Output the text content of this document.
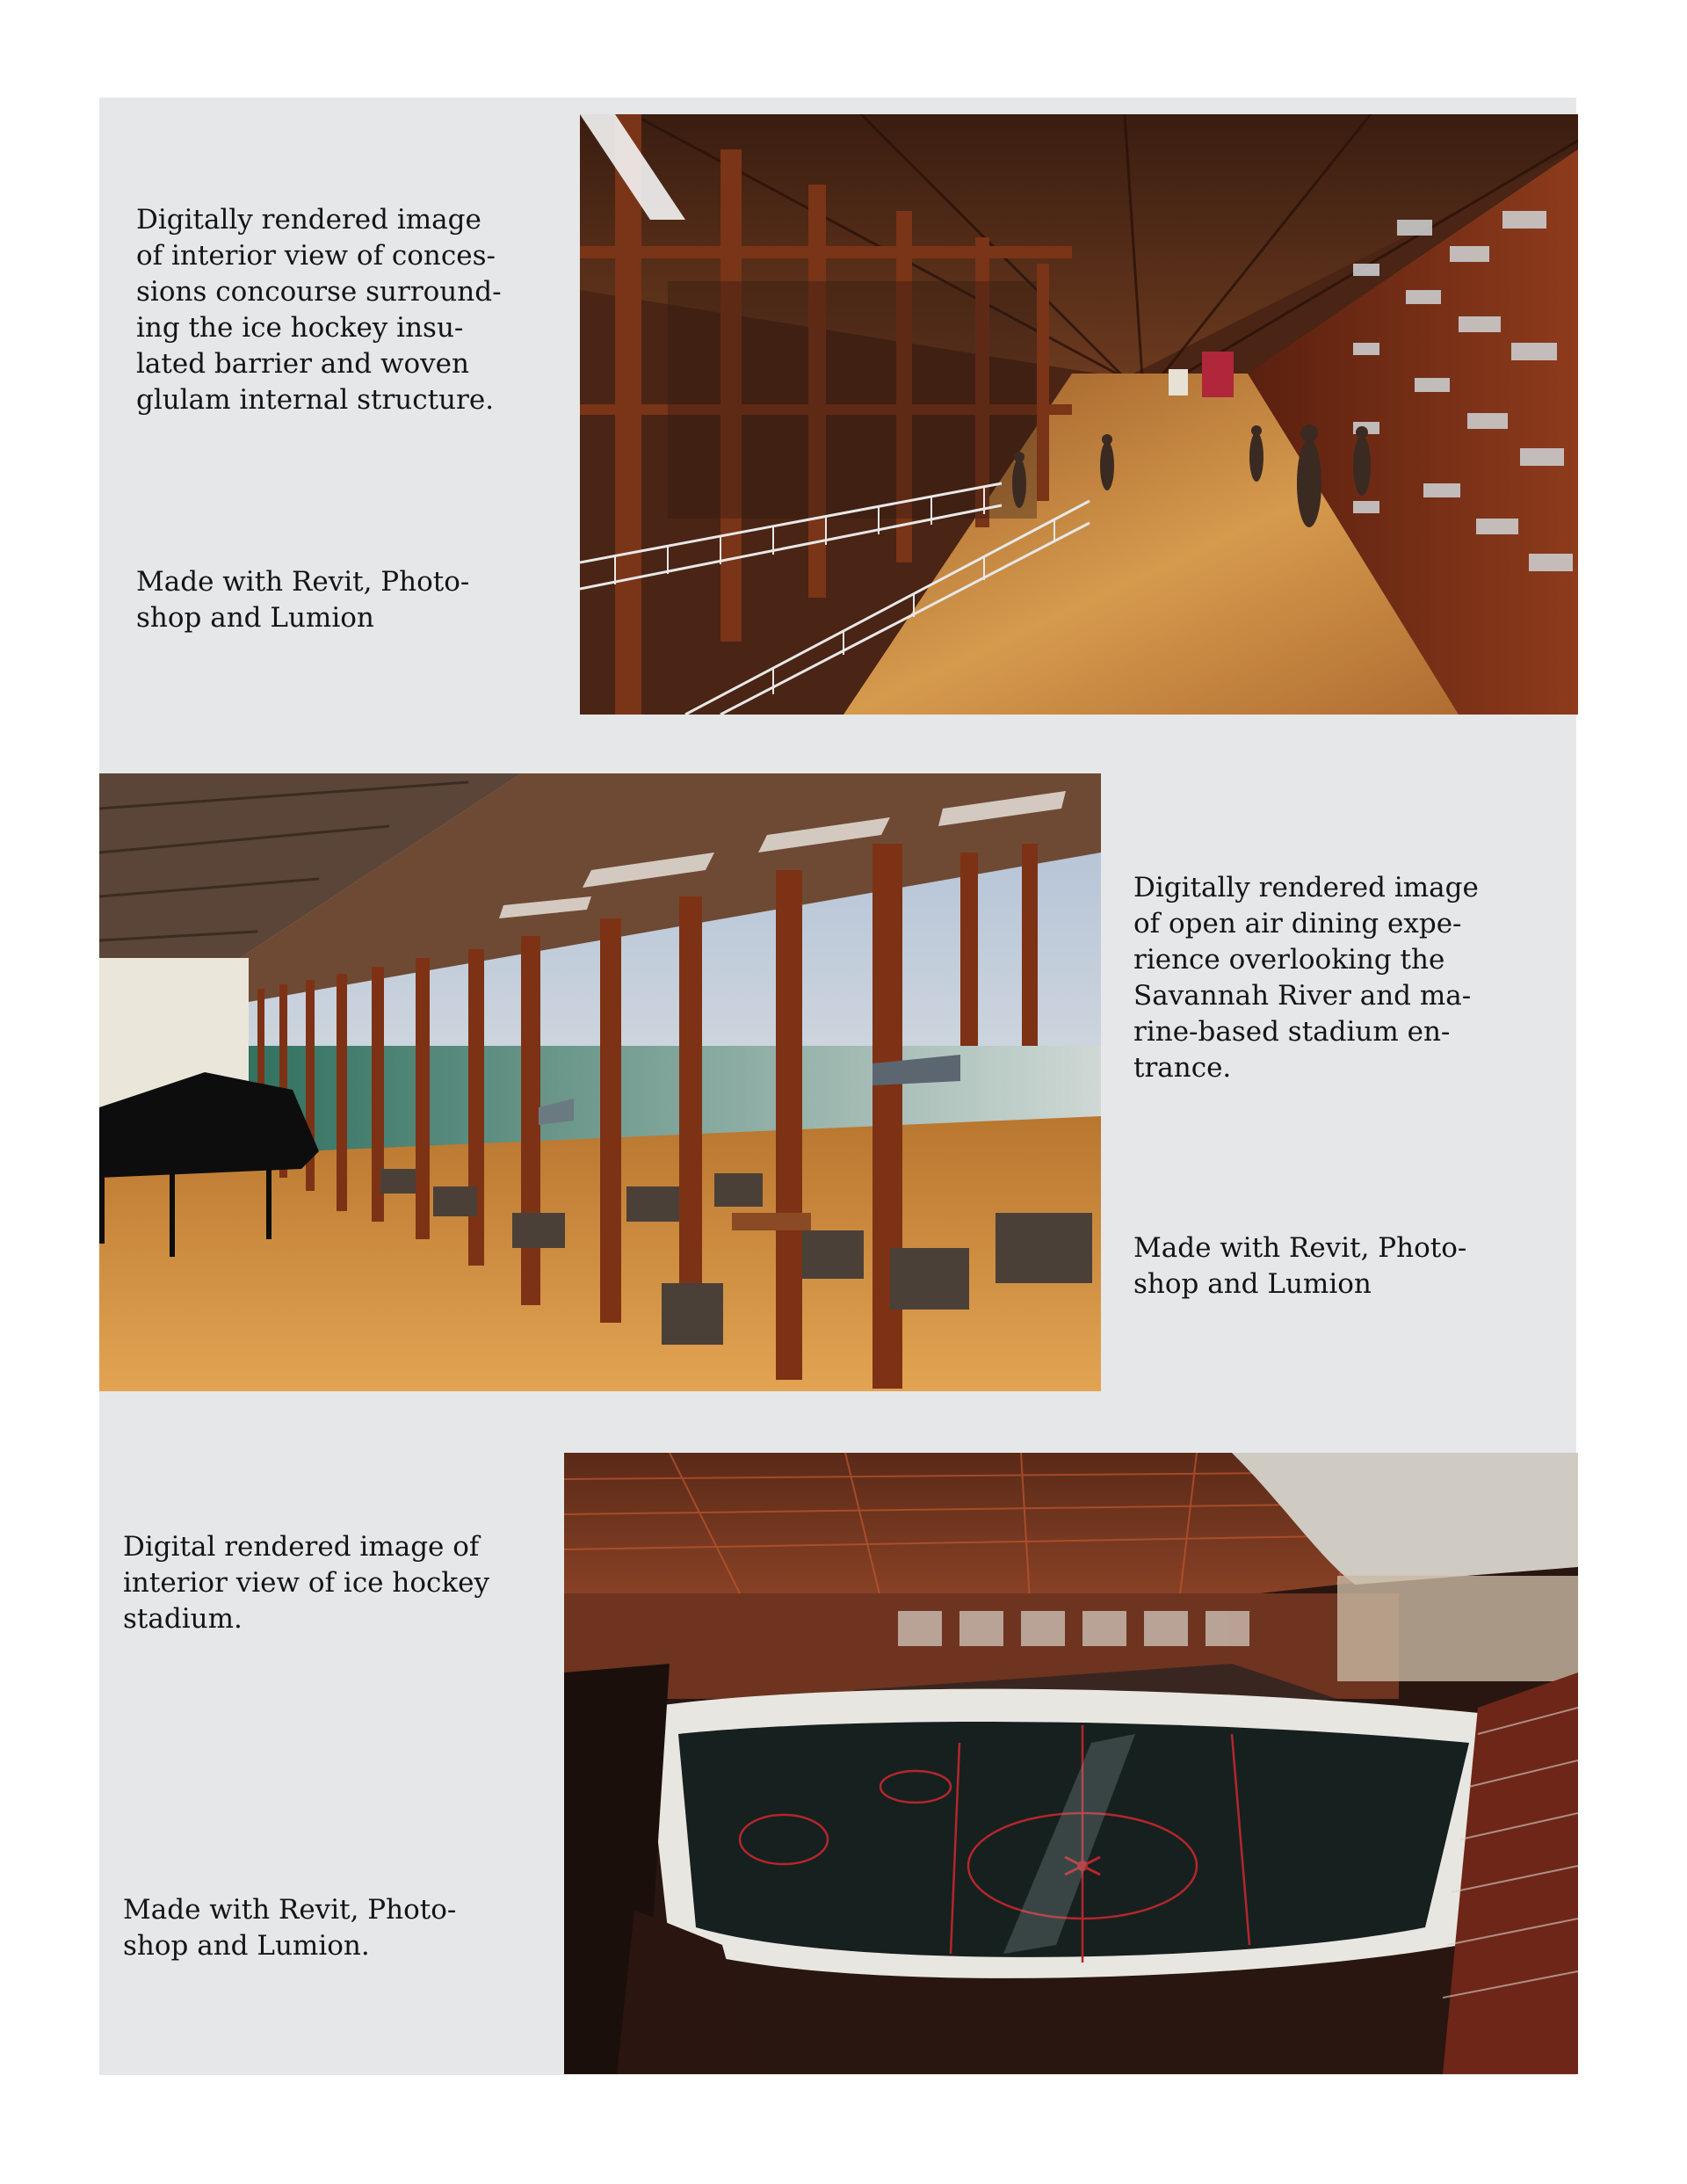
Digitally rendered image
of interior view of conces-
sions concourse surround-
ing the ice hockey insu-
lated barrier and woven
glulam internal structure.

Made with Revit, Photo-
shop and Lumion

Digitally rendered image
of open air dining expe-
rience overlooking the
Savannah River and ma-
rine-based stadium en-
trance.

Made with Revit, Photo-
shop and Lumion

Digital rendered image of
interior view of ice hockey
stadium.

Made with Revit, Photo-
shop and Lumion.
